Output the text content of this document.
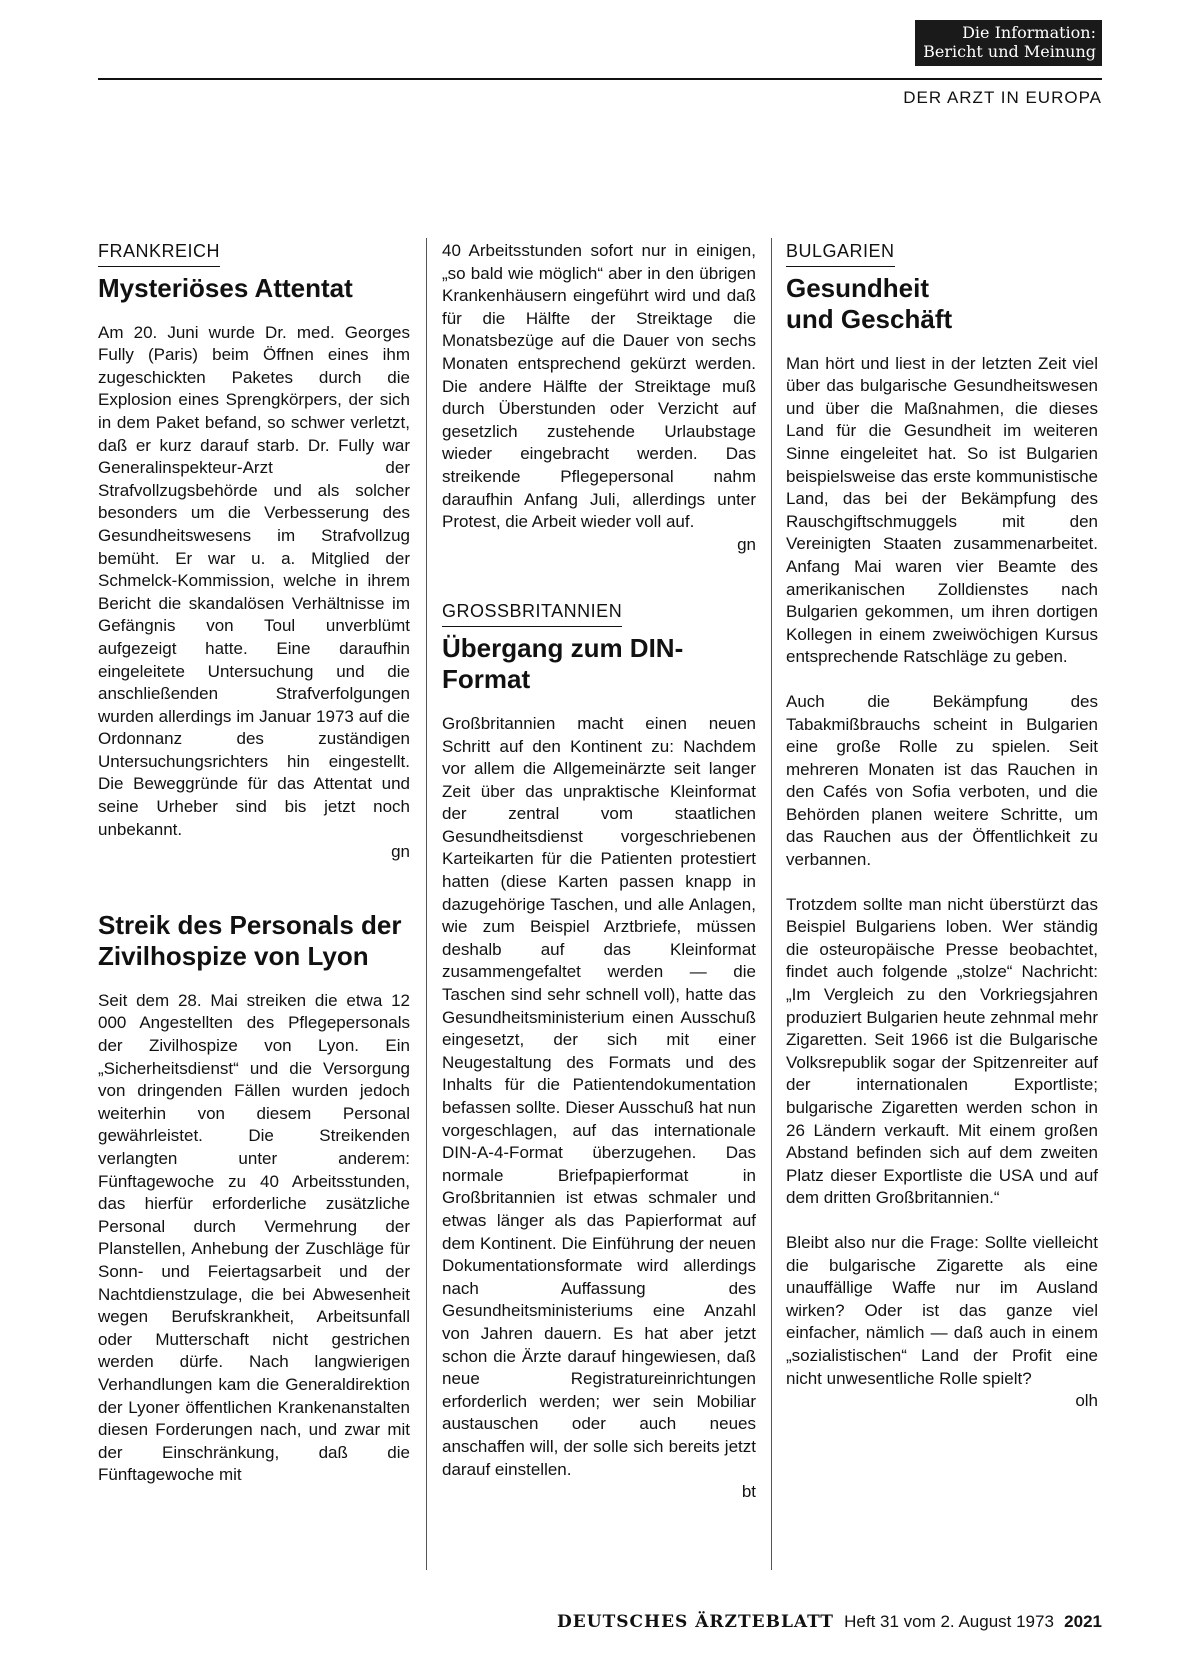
Die Information:
Bericht und Meinung
DER ARZT IN EUROPA
FRANKREICH
Mysteriöses Attentat

Am 20. Juni wurde Dr. med. Georges Fully (Paris) beim Öffnen eines ihm zugeschickten Paketes durch die Explosion eines Sprengkörpers, der sich in dem Paket befand, so schwer verletzt, daß er kurz darauf starb. Dr. Fully war Generalinspekteur-Arzt der Strafvollzugsbehörde und als solcher besonders um die Verbesserung des Gesundheitswesens im Strafvollzug bemüht. Er war u. a. Mitglied der Schmelck-Kommission, welche in ihrem Bericht die skandalösen Verhältnisse im Gefängnis von Toul unverblümt aufgezeigt hatte. Eine daraufhin eingeleitete Untersuchung und die anschließenden Strafverfolgungen wurden allerdings im Januar 1973 auf die Ordonnanz des zuständigen Untersuchungsrichters hin eingestellt. Die Beweggründe für das Attentat und seine Urheber sind bis jetzt noch unbekannt.

gn

Streik des Personals der Zivilhospize von Lyon

Seit dem 28. Mai streiken die etwa 12 000 Angestellten des Pflegepersonals der Zivilhospize von Lyon. Ein „Sicherheitsdienst“ und die Versorgung von dringenden Fällen wurden jedoch weiterhin von diesem Personal gewährleistet. Die Streikenden verlangten unter anderem: Fünftagewoche zu 40 Arbeitsstunden, das hierfür erforderliche zusätzliche Personal durch Vermehrung der Planstellen, Anhebung der Zuschläge für Sonn- und Feiertagsarbeit und der Nachtdienstzulage, die bei Abwesenheit wegen Berufskrankheit, Arbeitsunfall oder Mutterschaft nicht gestrichen werden dürfe. Nach langwierigen Verhandlungen kam die Generaldirektion der Lyoner öffentlichen Krankenanstalten diesen Forderungen nach, und zwar mit der Einschränkung, daß die Fünftagewoche mit

40 Arbeitsstunden sofort nur in einigen, „so bald wie möglich“ aber in den übrigen Krankenhäusern eingeführt wird und daß für die Hälfte der Streiktage die Monatsbezüge auf die Dauer von sechs Monaten entsprechend gekürzt werden. Die andere Hälfte der Streiktage muß durch Überstunden oder Verzicht auf gesetzlich zustehende Urlaubstage wieder eingebracht werden. Das streikende Pflegepersonal nahm daraufhin Anfang Juli, allerdings unter Protest, die Arbeit wieder voll auf.

gn

GROSSBRITANNIEN
Übergang zum DIN-Format

Großbritannien macht einen neuen Schritt auf den Kontinent zu: Nachdem vor allem die Allgemeinärzte seit langer Zeit über das unpraktische Kleinformat der zentral vom staatlichen Gesundheitsdienst vorgeschriebenen Karteikarten für die Patienten protestiert hatten (diese Karten passen knapp in dazugehörige Taschen, und alle Anlagen, wie zum Beispiel Arztbriefe, müssen deshalb auf das Kleinformat zusammengefaltet werden — die Taschen sind sehr schnell voll), hatte das Gesundheitsministerium einen Ausschuß eingesetzt, der sich mit einer Neugestaltung des Formats und des Inhalts für die Patientendokumentation befassen sollte. Dieser Ausschuß hat nun vorgeschlagen, auf das internationale DIN-A-4-Format überzugehen. Das normale Briefpapierformat in Großbritannien ist etwas schmaler und etwas länger als das Papierformat auf dem Kontinent. Die Einführung der neuen Dokumentationsformate wird allerdings nach Auffassung des Gesundheitsministeriums eine Anzahl von Jahren dauern. Es hat aber jetzt schon die Ärzte darauf hingewiesen, daß neue Registratureinrichtungen erforderlich werden; wer sein Mobiliar austauschen oder auch neues anschaffen will, der solle sich bereits jetzt darauf einstellen.

bt

BULGARIEN
Gesundheit und Geschäft

Man hört und liest in der letzten Zeit viel über das bulgarische Gesundheitswesen und über die Maßnahmen, die dieses Land für die Gesundheit im weiteren Sinne eingeleitet hat. So ist Bulgarien beispielsweise das erste kommunistische Land, das bei der Bekämpfung des Rauschgiftschmuggels mit den Vereinigten Staaten zusammenarbeitet. Anfang Mai waren vier Beamte des amerikanischen Zolldienstes nach Bulgarien gekommen, um ihren dortigen Kollegen in einem zweiwöchigen Kursus entsprechende Ratschläge zu geben.

Auch die Bekämpfung des Tabakmißbrauchs scheint in Bulgarien eine große Rolle zu spielen. Seit mehreren Monaten ist das Rauchen in den Cafés von Sofia verboten, und die Behörden planen weitere Schritte, um das Rauchen aus der Öffentlichkeit zu verbannen.

Trotzdem sollte man nicht überstürzt das Beispiel Bulgariens loben. Wer ständig die osteuropäische Presse beobachtet, findet auch folgende „stolze“ Nachricht: „Im Vergleich zu den Vorkriegsjahren produziert Bulgarien heute zehnmal mehr Zigaretten. Seit 1966 ist die Bulgarische Volksrepublik sogar der Spitzenreiter auf der internationalen Exportliste; bulgarische Zigaretten werden schon in 26 Ländern verkauft. Mit einem großen Abstand befinden sich auf dem zweiten Platz dieser Exportliste die USA und auf dem dritten Großbritannien.“

Bleibt also nur die Frage: Sollte vielleicht die bulgarische Zigarette als eine unauffällige Waffe nur im Ausland wirken? Oder ist das ganze viel einfacher, nämlich — daß auch in einem „sozialistischen“ Land der Profit eine nicht unwesentliche Rolle spielt?

olh

DEUTSCHES ÄRZTEBLATT Heft 31 vom 2. August 1973 2021
